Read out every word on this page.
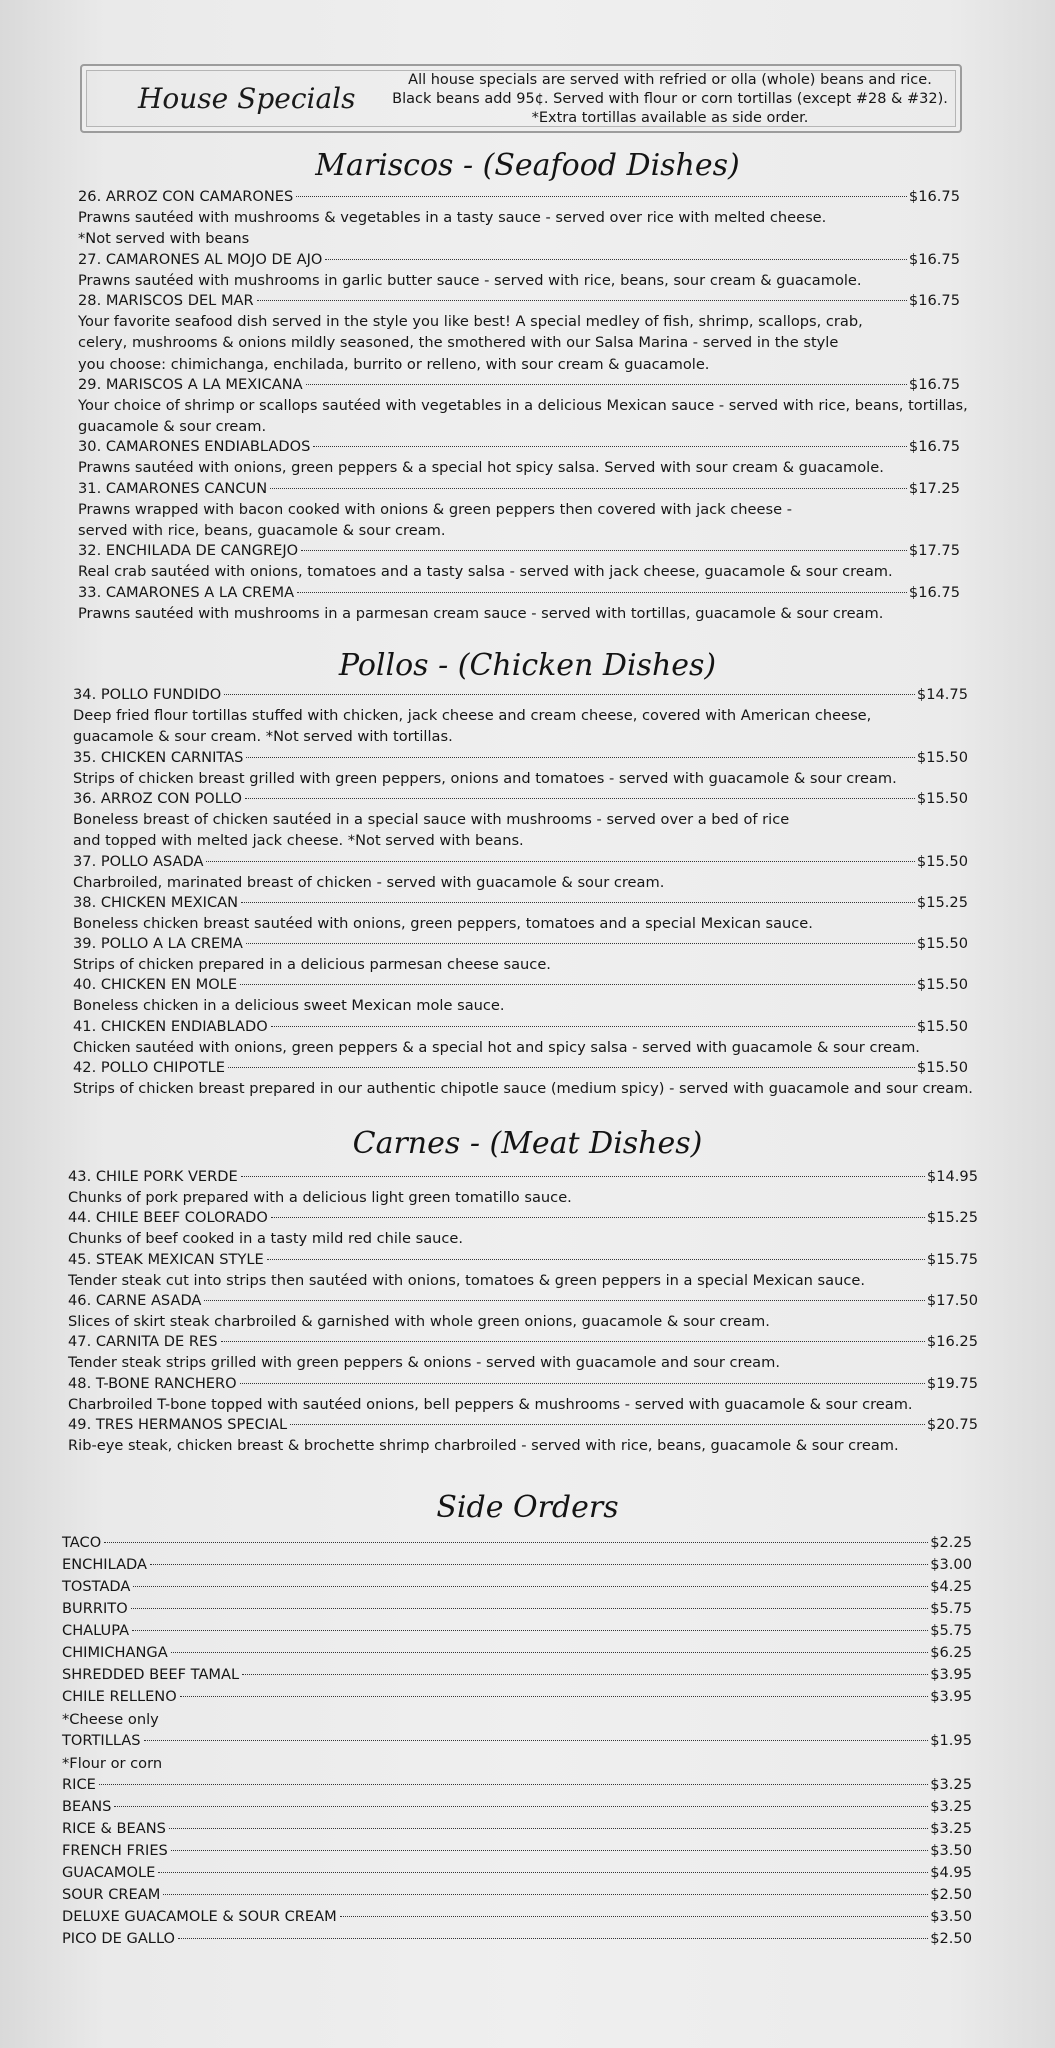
House Specials
All house specials are served with refried or olla (whole) beans and rice.
Black beans add 95¢. Served with flour or corn tortillas (except #28 & #32).
*Extra tortillas available as side order.
Mariscos - (Seafood Dishes)
26. ARROZ CON CAMARONES	$16.75
Prawns sautéed with mushrooms & vegetables in a tasty sauce - served over rice with melted cheese.
*Not served with beans
27. CAMARONES AL MOJO DE AJO	$16.75
Prawns sautéed with mushrooms in garlic butter sauce - served with rice, beans, sour cream & guacamole.
28. MARISCOS DEL MAR	$16.75
Your favorite seafood dish served in the style you like best! A special medley of fish, shrimp, scallops, crab,
celery, mushrooms & onions mildly seasoned, the smothered with our Salsa Marina - served in the style
you choose: chimichanga, enchilada, burrito or relleno, with sour cream & guacamole.
29. MARISCOS A LA MEXICANA	$16.75
Your choice of shrimp or scallops sautéed with vegetables in a delicious Mexican sauce - served with rice, beans, tortillas,
guacamole & sour cream.
30. CAMARONES ENDIABLADOS	$16.75
Prawns sautéed with onions, green peppers & a special hot spicy salsa. Served with sour cream & guacamole.
31. CAMARONES CANCUN	$17.25
Prawns wrapped with bacon cooked with onions & green peppers then covered with jack cheese -
served with rice, beans, guacamole & sour cream.
32. ENCHILADA DE CANGREJO	$17.75
Real crab sautéed with onions, tomatoes and a tasty salsa - served with jack cheese, guacamole & sour cream.
33. CAMARONES A LA CREMA	$16.75
Prawns sautéed with mushrooms in a parmesan cream sauce - served with tortillas, guacamole & sour cream.
Pollos - (Chicken Dishes)
34. POLLO FUNDIDO	$14.75
Deep fried flour tortillas stuffed with chicken, jack cheese and cream cheese, covered with American cheese,
guacamole & sour cream. *Not served with tortillas.
35. CHICKEN CARNITAS	$15.50
Strips of chicken breast grilled with green peppers, onions and tomatoes - served with guacamole & sour cream.
36. ARROZ CON POLLO	$15.50
Boneless breast of chicken sautéed in a special sauce with mushrooms - served over a bed of rice
and topped with melted jack cheese. *Not served with beans.
37. POLLO ASADA	$15.50
Charbroiled, marinated breast of chicken - served with guacamole & sour cream.
38. CHICKEN MEXICAN	$15.25
Boneless chicken breast sautéed with onions, green peppers, tomatoes and a special Mexican sauce.
39. POLLO A LA CREMA	$15.50
Strips of chicken prepared in a delicious parmesan cheese sauce.
40. CHICKEN EN MOLE	$15.50
Boneless chicken in a delicious sweet Mexican mole sauce.
41. CHICKEN ENDIABLADO	$15.50
Chicken sautéed with onions, green peppers & a special hot and spicy salsa - served with guacamole & sour cream.
42. POLLO CHIPOTLE	$15.50
Strips of chicken breast prepared in our authentic chipotle sauce (medium spicy) - served with guacamole and sour cream.
Carnes - (Meat Dishes)
43. CHILE PORK VERDE	$14.95
Chunks of pork prepared with a delicious light green tomatillo sauce.
44. CHILE BEEF COLORADO	$15.25
Chunks of beef cooked in a tasty mild red chile sauce.
45. STEAK MEXICAN STYLE	$15.75
Tender steak cut into strips then sautéed with onions, tomatoes & green peppers in a special Mexican sauce.
46. CARNE ASADA	$17.50
Slices of skirt steak charbroiled & garnished with whole green onions, guacamole & sour cream.
47. CARNITA DE RES	$16.25
Tender steak strips grilled with green peppers & onions - served with guacamole and sour cream.
48. T-BONE RANCHERO	$19.75
Charbroiled T-bone topped with sautéed onions, bell peppers & mushrooms - served with guacamole & sour cream.
49. TRES HERMANOS SPECIAL	$20.75
Rib-eye steak, chicken breast & brochette shrimp charbroiled - served with rice, beans, guacamole & sour cream.
Side Orders
TACO	$2.25
ENCHILADA	$3.00
TOSTADA	$4.25
BURRITO	$5.75
CHALUPA	$5.75
CHIMICHANGA	$6.25
SHREDDED BEEF TAMAL	$3.95
CHILE RELLENO	$3.95
*Cheese only
TORTILLAS	$1.95
*Flour or corn
RICE	$3.25
BEANS	$3.25
RICE & BEANS	$3.25
FRENCH FRIES	$3.50
GUACAMOLE	$4.95
SOUR CREAM	$2.50
DELUXE GUACAMOLE & SOUR CREAM	$3.50
PICO DE GALLO	$2.50
